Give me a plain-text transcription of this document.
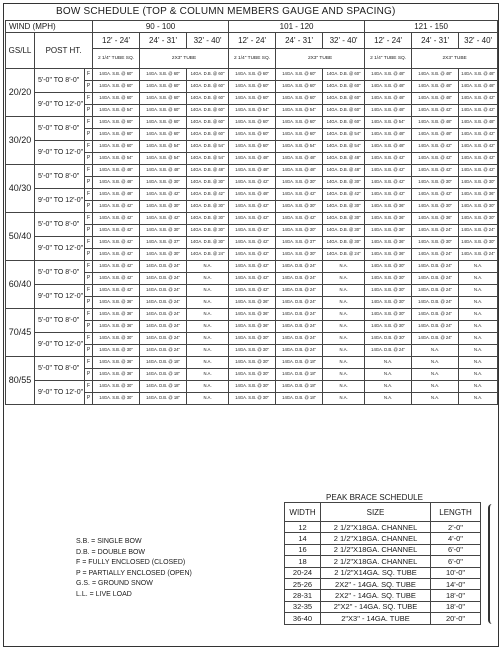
BOW SCHEDULE (TOP & COLUMN MEMBERS GAUGE AND SPACING)
WIND (MPH)			90 - 100			101 - 120			121 - 150		
GS/LL	POST HT.		12' - 24'	24' - 31'	32' - 40'	12' - 24'	24' - 31'	32' - 40'	12' - 24'	24' - 31'	32' - 40'
			2 1/4" TUBE SQ.	2X3" TUBE		2 1/4" TUBE SQ.	2X3" TUBE		2 1/4" TUBE SQ.	2X3" TUBE	
20/20	5'-0" TO 8'-0"	F	14GA. S.B. @ 60"	14GA. S.B. @ 60"	14GA. D.B. @ 60"	14GA. S.B. @ 60"	14GA. S.B. @ 60"	14GA. D.B. @ 60"	14GA. S.B. @ 48"	14GA. S.B. @ 48"	14GA. S.B. @ 48"
		P	14GA. S.B. @ 60"	14GA. S.B. @ 60"	14GA. D.B. @ 60"	14GA. S.B. @ 60"	14GA. S.B. @ 60"	14GA. D.B. @ 60"	14GA. S.B. @ 48"	14GA. S.B. @ 48"	14GA. S.B. @ 48"
	9'-0" TO 12'-0"	F	14GA. S.B. @ 60"	14GA. S.B. @ 60"	14GA. D.B. @ 60"	14GA. S.B. @ 60"	14GA. S.B. @ 60"	14GA. D.B. @ 60"	14GA. S.B. @ 48"	14GA. S.B. @ 48"	14GA. S.B. @ 42"
		P	14GA. S.B. @ 54"	14GA. S.B. @ 60"	14GA. D.B. @ 60"	14GA. S.B. @ 54"	14GA. S.B. @ 54"	14GA. D.B. @ 60"	14GA. S.B. @ 48"	14GA. S.B. @ 42"	14GA. S.B. @ 42"
30/20	5'-0" TO 8'-0"	F	14GA. S.B. @ 60"	14GA. S.B. @ 60"	14GA. D.B. @ 60"	14GA. S.B. @ 60"	14GA. S.B. @ 60"	14GA. D.B. @ 60"	14GA. S.B. @ 54"	14GA. S.B. @ 48"	14GA. S.B. @ 48"
		P	14GA. S.B. @ 60"	14GA. S.B. @ 60"	14GA. D.B. @ 60"	14GA. S.B. @ 60"	14GA. S.B. @ 60"	14GA. D.B. @ 54"	14GA. S.B. @ 48"	14GA. S.B. @ 48"	14GA. S.B. @ 42"
	9'-0" TO 12'-0"	F	14GA. S.B. @ 60"	14GA. S.B. @ 54"	14GA. D.B. @ 54"	14GA. S.B. @ 60"	14GA. S.B. @ 54"	14GA. D.B. @ 54"	14GA. S.B. @ 48"	14GA. S.B. @ 42"	14GA. S.B. @ 42"
		P	14GA. S.B. @ 54"	14GA. S.B. @ 54"	14GA. D.B. @ 54"	14GA. S.B. @ 48"	14GA. S.B. @ 48"	14GA. D.B. @ 48"	14GA. S.B. @ 42"	14GA. S.B. @ 42"	14GA. S.B. @ 42"
40/30	5'-0" TO 8'-0"	F	14GA. S.B. @ 48"	14GA. S.B. @ 48"	14GA. D.B. @ 48"	14GA. S.B. @ 48"	14GA. S.B. @ 48"	14GA. D.B. @ 48"	14GA. S.B. @ 42"	14GA. S.B. @ 42"	14GA. S.B. @ 42"
		P	14GA. S.B. @ 48"	14GA. S.B. @ 30"	14GA. D.B. @ 30"	14GA. S.B. @ 42"	14GA. S.B. @ 30"	14GA. D.B. @ 30"	14GA. S.B. @ 42"	14GA. S.B. @ 30"	14GA. S.B. @ 30"
	9'-0" TO 12'-0"	F	14GA. S.B. @ 48"	14GA. S.B. @ 42"	14GA. D.B. @ 42"	14GA. S.B. @ 48"	14GA. S.B. @ 42"	14GA. D.B. @ 42"	14GA. S.B. @ 42"	14GA. S.B. @ 42"	14GA. S.B. @ 36"
		P	14GA. S.B. @ 42"	14GA. S.B. @ 30"	14GA. D.B. @ 30"	14GA. S.B. @ 42"	14GA. S.B. @ 30"	14GA. D.B. @ 30"	14GA. S.B. @ 36"	14GA. S.B. @ 30"	14GA. S.B. @ 30"
50/40	5'-0" TO 8'-0"	F	14GA. S.B. @ 42"	14GA. S.B. @ 42"	14GA. D.B. @ 30"	14GA. S.B. @ 42"	14GA. S.B. @ 42"	14GA. D.B. @ 30"	14GA. S.B. @ 36"	14GA. S.B. @ 36"	14GA. S.B. @ 30"
		P	14GA. S.B. @ 42"	14GA. S.B. @ 30"	14GA. D.B. @ 30"	14GA. S.B. @ 42"	14GA. S.B. @ 30"	14GA. D.B. @ 30"	14GA. S.B. @ 36"	14GA. S.B. @ 24"	14GA. S.B. @ 24"
	9'-0" TO 12'-0"	F	14GA. S.B. @ 42"	14GA. S.B. @ 37"	14GA. D.B. @ 30"	14GA. S.B. @ 42"	14GA. S.B. @ 37"	14GA. D.B. @ 30"	14GA. S.B. @ 36"	14GA. S.B. @ 30"	14GA. S.B. @ 30"
		P	14GA. S.B. @ 42"	14GA. S.B. @ 30"	14GA. D.B. @ 24"	14GA. S.B. @ 42"	14GA. S.B. @ 30"	14GA. D.B. @ 24"	14GA. S.B. @ 36"	14GA. S.B. @ 24"	14GA. S.B. @ 24"
60/40	5'-0" TO 8'-0"	F	14GA. S.B. @ 42"	14GA. D.B. @ 24"	N.A.	14GA. S.B. @ 42"	14GA. D.B. @ 24"	N.A.	14GA. S.B. @ 30"	14GA. D.B. @ 24"	N.A.
		P	14GA. S.B. @ 42"	14GA. D.B. @ 24"	N.A.	14GA. S.B. @ 42"	14GA. D.B. @ 24"	N.A.	14GA. S.B. @ 30"	14GA. D.B. @ 24"	N.A.
	9'-0" TO 12'-0"	F	14GA. S.B. @ 42"	14GA. D.B. @ 24"	N.A.	14GA. S.B. @ 42"	14GA. D.B. @ 24"	N.A.	14GA. S.B. @ 30"	14GA. D.B. @ 24"	N.A.
		P	14GA. S.B. @ 36"	14GA. D.B. @ 24"	N.A.	14GA. S.B. @ 36"	14GA. D.B. @ 24"	N.A.	14GA. S.B. @ 30"	14GA. D.B. @ 24"	N.A.
70/45	5'-0" TO 8'-0"	F	14GA. S.B. @ 36"	14GA. D.B. @ 24"	N.A.	14GA. S.B. @ 36"	14GA. D.B. @ 24"	N.A.	14GA. S.B. @ 30"	14GA. D.B. @ 24"	N.A.
		P	14GA. S.B. @ 36"	14GA. D.B. @ 24"	N.A.	14GA. S.B. @ 36"	14GA. D.B. @ 24"	N.A.	14GA. S.B. @ 30"	14GA. D.B. @ 24"	N.A.
	9'-0" TO 12'-0"	F	14GA. S.B. @ 30"	14GA. D.B. @ 24"	N.A.	14GA. S.B. @ 30"	14GA. D.B. @ 24"	N.A.	14GA. D.B. @ 30"	14GA. D.B. @ 24"	N.A.
		P	14GA. S.B. @ 30"	14GA. D.B. @ 24"	N.A.	14GA. S.B. @ 30"	14GA. D.B. @ 24"	N.A.	14GA. D.B. @ 24"	N.A.	N.A.
80/55	5'-0" TO 8'-0"	F	14GA. S.B. @ 36"	14GA. D.B. @ 18"	N.A.	14GA. S.B. @ 30"	14GA. D.B. @ 18"	N.A.	N.A.	N.A.	N.A.
		P	14GA. S.B. @ 36"	14GA. D.B. @ 18"	N.A.	14GA. S.B. @ 30"	14GA. D.B. @ 18"	N.A.	N.A.	N.A.	N.A.
	9'-0" TO 12'-0"	F	14GA. S.B. @ 30"	14GA. D.B. @ 18"	N.A.	14GA. S.B. @ 30"	14GA. D.B. @ 18"	N.A.	N.A.	N.A.	N.A.
		P	14GA. S.B. @ 30"	14GA. D.B. @ 18"	N.A.	14GA. S.B. @ 30"	14GA. D.B. @ 18"	N.A.	N.A.	N.A.	N.A.
S.B. = SINGLE BOW
D.B. = DOUBLE BOW
F = FULLY ENCLOSED (CLOSED)
P = PARTIALLY ENCLOSED (OPEN)
G.S. = GROUND SNOW
L.L. = LIVE LOAD
PEAK BRACE SCHEDULE
WIDTH	SIZE	LENGTH
12	2 1/2"X18GA. CHANNEL	2'-0"
14	2 1/2"X18GA. CHANNEL	4'-0"
16	2 1/2"X18GA. CHANNEL	6'-0"
18	2 1/2"X18GA. CHANNEL	6'-0"
20-24	2 1/2"X14GA. SQ. TUBE	10'-0"
25-26	2X2" - 14GA. SQ. TUBE	14'-0"
28-31	2X2" - 14GA. SQ. TUBE	18'-0"
32-35	2"X2" - 14GA. SQ. TUBE	18'-0"
36-40	2"X3" - 14GA. TUBE	20'-0"
